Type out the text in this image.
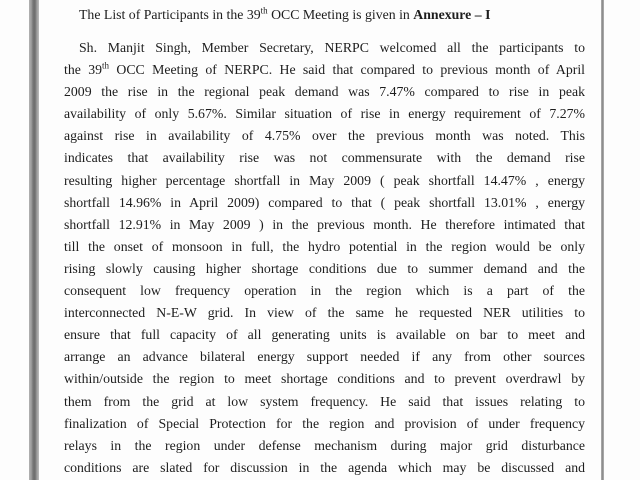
The List of Participants in the 39th OCC Meeting is given in Annexure – I
Sh. Manjit Singh, Member Secretary, NERPC welcomed all the participants to
the 39th OCC Meeting of NERPC. He said that compared to previous month of April
2009 the rise in the regional peak demand was 7.47% compared to rise in peak
availability of only 5.67%. Similar situation of rise in energy requirement of 7.27%
against rise in availability of 4.75% over the previous month was noted. This
indicates that availability rise was not commensurate with the demand rise
resulting higher percentage shortfall in May 2009 ( peak shortfall 14.47% , energy
shortfall 14.96% in April 2009) compared to that ( peak shortfall 13.01% , energy
shortfall 12.91% in May 2009 ) in the previous month. He therefore intimated that
till the onset of monsoon in full, the hydro potential in the region would be only
rising slowly causing higher shortage conditions due to summer demand and the
consequent low frequency operation in the region which is a part of the
interconnected N-E-W grid. In view of the same he requested NER utilities to
ensure that full capacity of all generating units is available on bar to meet and
arrange an advance bilateral energy support needed if any from other sources
within/outside the region to meet shortage conditions and to prevent overdrawl by
them from the grid at low system frequency. He said that issues relating to
finalization of Special Protection for the region and provision of under frequency
relays in the region under defense mechanism during major grid disturbance
conditions are slated for discussion in the agenda which may be discussed and
